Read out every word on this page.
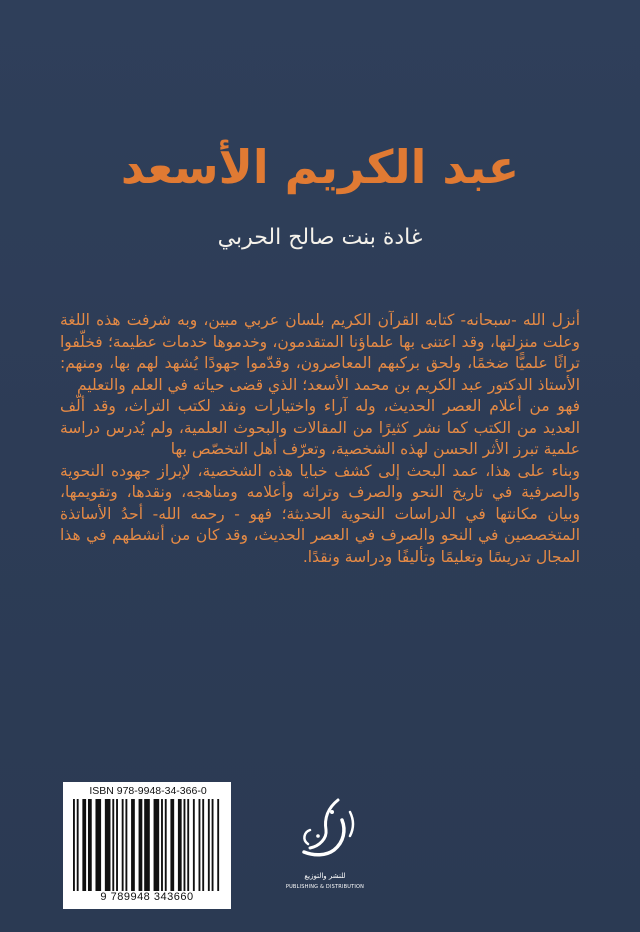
عبد الكريم الأسعد
غادة بنت صالح الحربي

أنزل الله -سبحانه- كتابه القرآن الكريم بلسان عربي مبين، وبه شرفت هذه اللغة وعلت منزلتها، وقد اعتنى بها علماؤنا المتقدمون، وخدموها خدمات عظيمة؛ فخلّفوا تراثًا علميًّا ضخمًا، ولحق بركبهم المعاصرون، وقدّموا جهودًا يُشهد لهم بها، ومنهم: الأستاذ الدكتور عبد الكريم بن محمد الأسعد؛ الذي قضى حياته في العلم والتعليم

فهو من أعلام العصر الحديث، وله آراء واختيارات ونقد لكتب التراث، وقد ألّف العديد من الكتب كما نشر كثيرًا من المقالات والبحوث العلمية، ولم يُدرس دراسة علمية تبرز الأثر الحسن لهذه الشخصية، وتعرّف أهل التخصّص بها

وبناء على هذا، عمد البحث إلى كشف خبايا هذه الشخصية، لإبراز جهوده النحوية والصرفية في تاريخ النحو والصرف وتراثه وأعلامه ومناهجه، ونقدها، وتقويمها، وبيان مكانتها في الدراسات النحوية الحديثة؛ فهو - رحمه الله- أحدُ الأساتذة المتخصصين في النحو والصرف في العصر الحديث، وقد كان من أنشطهم في هذا المجال تدريسًا وتعليمًا وتأليفًا ودراسة ونقدًا.

ISBN 978-9948-34-366-0
9 789948 343660
للنشر والتوزيع
PUBLISHING & DISTRIBUTION
